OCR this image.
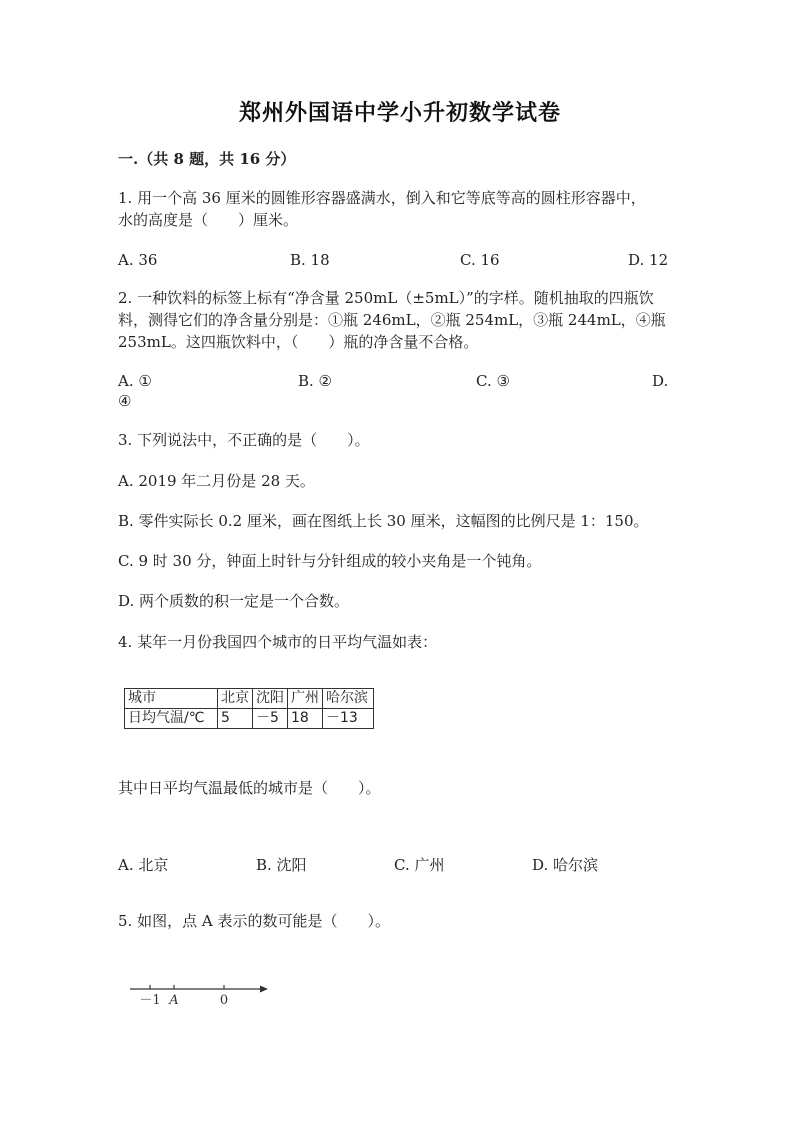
郑州外国语中学小升初数学试卷
一.（共 8 题，共 16 分）
1. 用一个高 36 厘米的圆锥形容器盛满水，倒入和它等底等高的圆柱形容器中，
水的高度是（　　）厘米。
A. 36	B. 18	C. 16	D. 12
2. 一种饮料的标签上标有“净含量 250mL（±5mL）”的字样。随机抽取的四瓶饮
料，测得它们的净含量分别是：①瓶 246mL，②瓶 254mL，③瓶 244mL，④瓶
253mL。这四瓶饮料中，（　　）瓶的净含量不合格。
A. ①	B. ②	C. ③	D.
④
3. 下列说法中，不正确的是（　　）。
A. 2019 年二月份是 28 天。
B. 零件实际长 0.2 厘米，画在图纸上长 30 厘米，这幅图的比例尺是 1：150。
C. 9 时 30 分，钟面上时针与分针组成的较小夹角是一个钝角。
D. 两个质数的积一定是一个合数。
4. 某年一月份我国四个城市的日平均气温如表：
城市	北京	沈阳	广州	哈尔滨
日均气温/℃	5	－5	18	－13
其中日平均气温最低的城市是（　　）。
A. 北京	B. 沈阳	C. 广州	D. 哈尔滨
5. 如图，点 A 表示的数可能是（　　）。
－1 A	0
